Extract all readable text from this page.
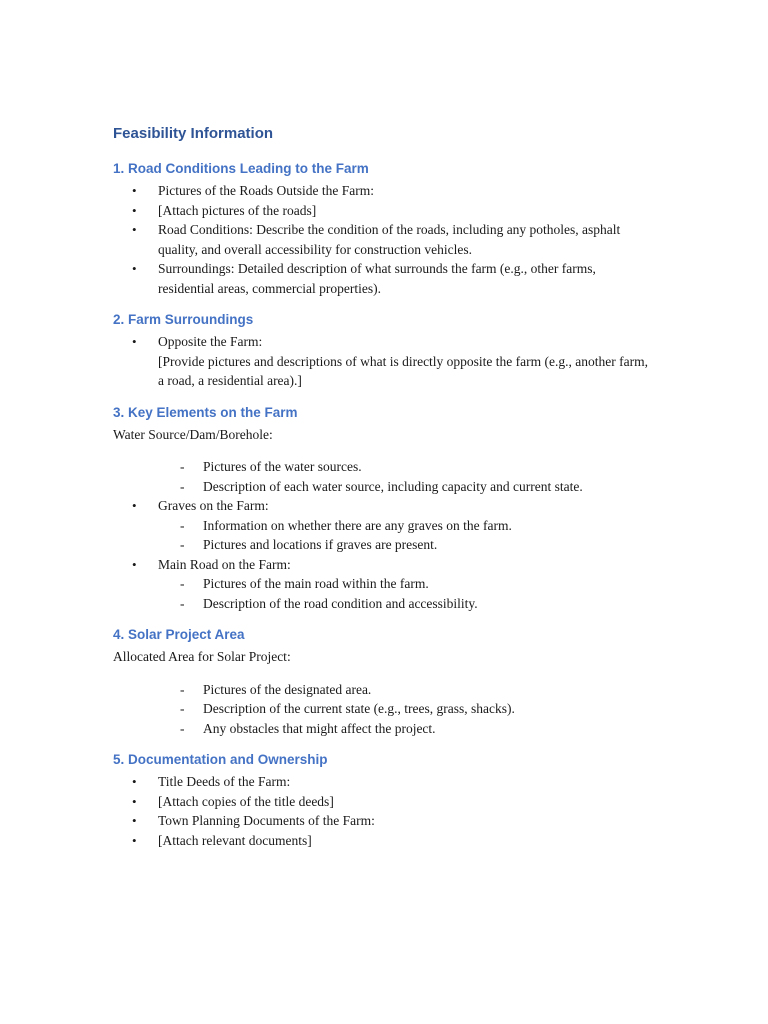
Feasibility Information
1. Road Conditions Leading to the Farm
• Pictures of the Roads Outside the Farm:
• [Attach pictures of the roads]
• Road Conditions: Describe the condition of the roads, including any potholes, asphalt quality, and overall accessibility for construction vehicles.
• Surroundings: Detailed description of what surrounds the farm (e.g., other farms, residential areas, commercial properties).
2. Farm Surroundings
• Opposite the Farm:
[Provide pictures and descriptions of what is directly opposite the farm (e.g., another farm, a road, a residential area).]
3. Key Elements on the Farm

Water Source/Dam/Borehole:

- Pictures of the water sources.
- Description of each water source, including capacity and current state.
• Graves on the Farm:
- Information on whether there are any graves on the farm.
- Pictures and locations if graves are present.
• Main Road on the Farm:
- Pictures of the main road within the farm.
- Description of the road condition and accessibility.
4. Solar Project Area

Allocated Area for Solar Project:

- Pictures of the designated area.
- Description of the current state (e.g., trees, grass, shacks).
- Any obstacles that might affect the project.
5. Documentation and Ownership
• Title Deeds of the Farm:
• [Attach copies of the title deeds]
• Town Planning Documents of the Farm:
• [Attach relevant documents]
